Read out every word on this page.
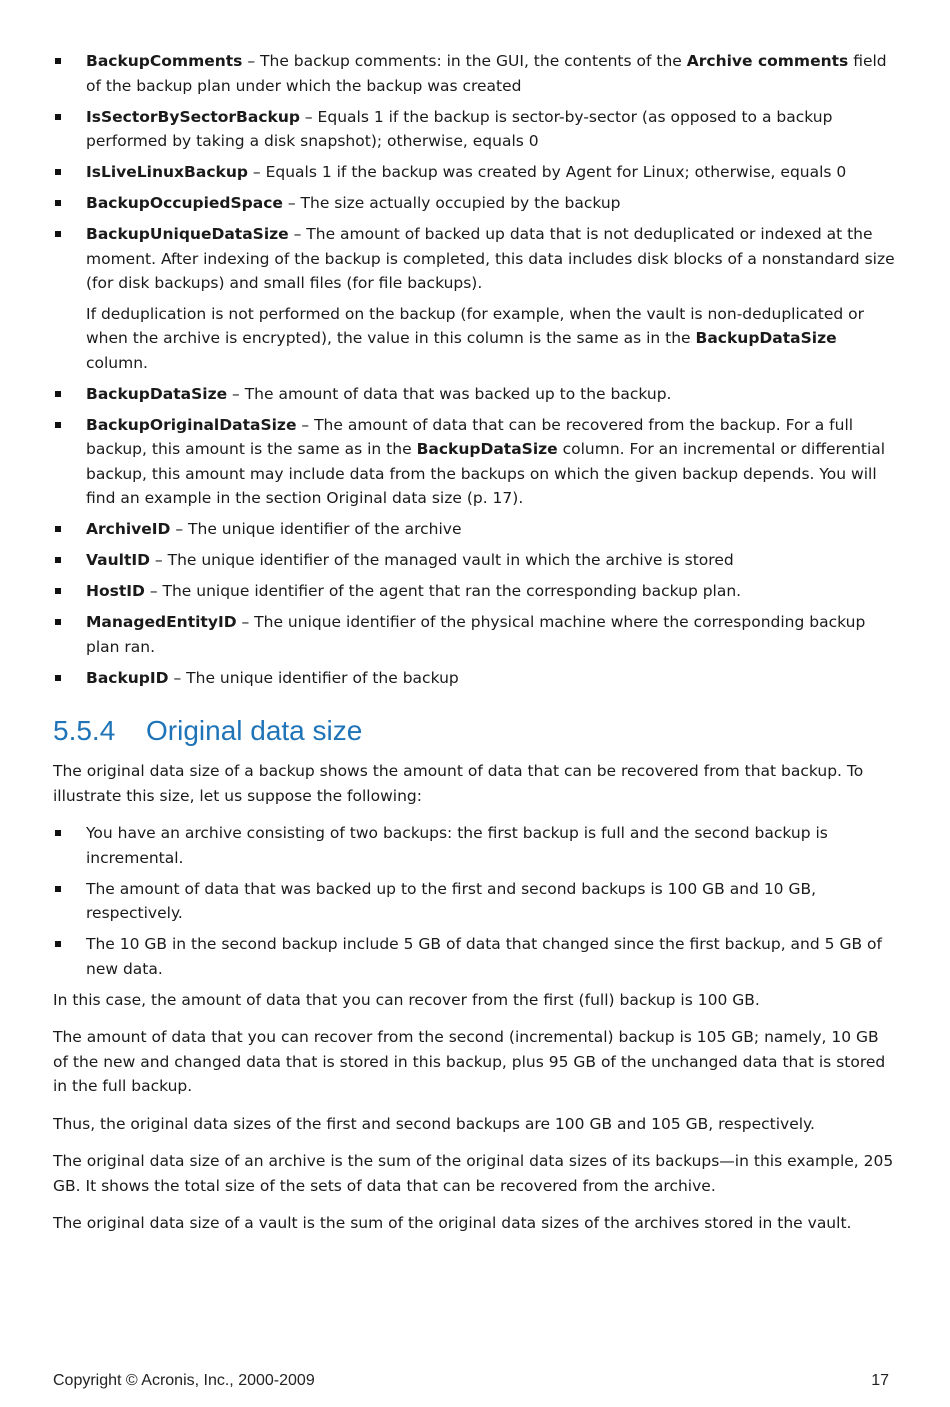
BackupComments – The backup comments: in the GUI, the contents of the Archive comments field of the backup plan under which the backup was created
IsSectorBySectorBackup – Equals 1 if the backup is sector-by-sector (as opposed to a backup performed by taking a disk snapshot); otherwise, equals 0
IsLiveLinuxBackup – Equals 1 if the backup was created by Agent for Linux; otherwise, equals 0
BackupOccupiedSpace – The size actually occupied by the backup
BackupUniqueDataSize – The amount of backed up data that is not deduplicated or indexed at the moment. After indexing of the backup is completed, this data includes disk blocks of a nonstandard size (for disk backups) and small files (for file backups).
If deduplication is not performed on the backup (for example, when the vault is non-deduplicated or when the archive is encrypted), the value in this column is the same as in the BackupDataSize column.
BackupDataSize – The amount of data that was backed up to the backup.
BackupOriginalDataSize – The amount of data that can be recovered from the backup. For a full backup, this amount is the same as in the BackupDataSize column. For an incremental or differential backup, this amount may include data from the backups on which the given backup depends. You will find an example in the section Original data size (p. 17).
ArchiveID – The unique identifier of the archive
VaultID – The unique identifier of the managed vault in which the archive is stored
HostID – The unique identifier of the agent that ran the corresponding backup plan.
ManagedEntityID – The unique identifier of the physical machine where the corresponding backup plan ran.
BackupID – The unique identifier of the backup
5.5.4 Original data size

The original data size of a backup shows the amount of data that can be recovered from that backup. To illustrate this size, let us suppose the following:

You have an archive consisting of two backups: the first backup is full and the second backup is incremental.
The amount of data that was backed up to the first and second backups is 100 GB and 10 GB, respectively.
The 10 GB in the second backup include 5 GB of data that changed since the first backup, and 5 GB of new data.

In this case, the amount of data that you can recover from the first (full) backup is 100 GB.

The amount of data that you can recover from the second (incremental) backup is 105 GB; namely, 10 GB of the new and changed data that is stored in this backup, plus 95 GB of the unchanged data that is stored in the full backup.

Thus, the original data sizes of the first and second backups are 100 GB and 105 GB, respectively.

The original data size of an archive is the sum of the original data sizes of its backups—in this example, 205 GB. It shows the total size of the sets of data that can be recovered from the archive.

The original data size of a vault is the sum of the original data sizes of the archives stored in the vault.

Copyright © Acronis, Inc., 2000-2009	17
